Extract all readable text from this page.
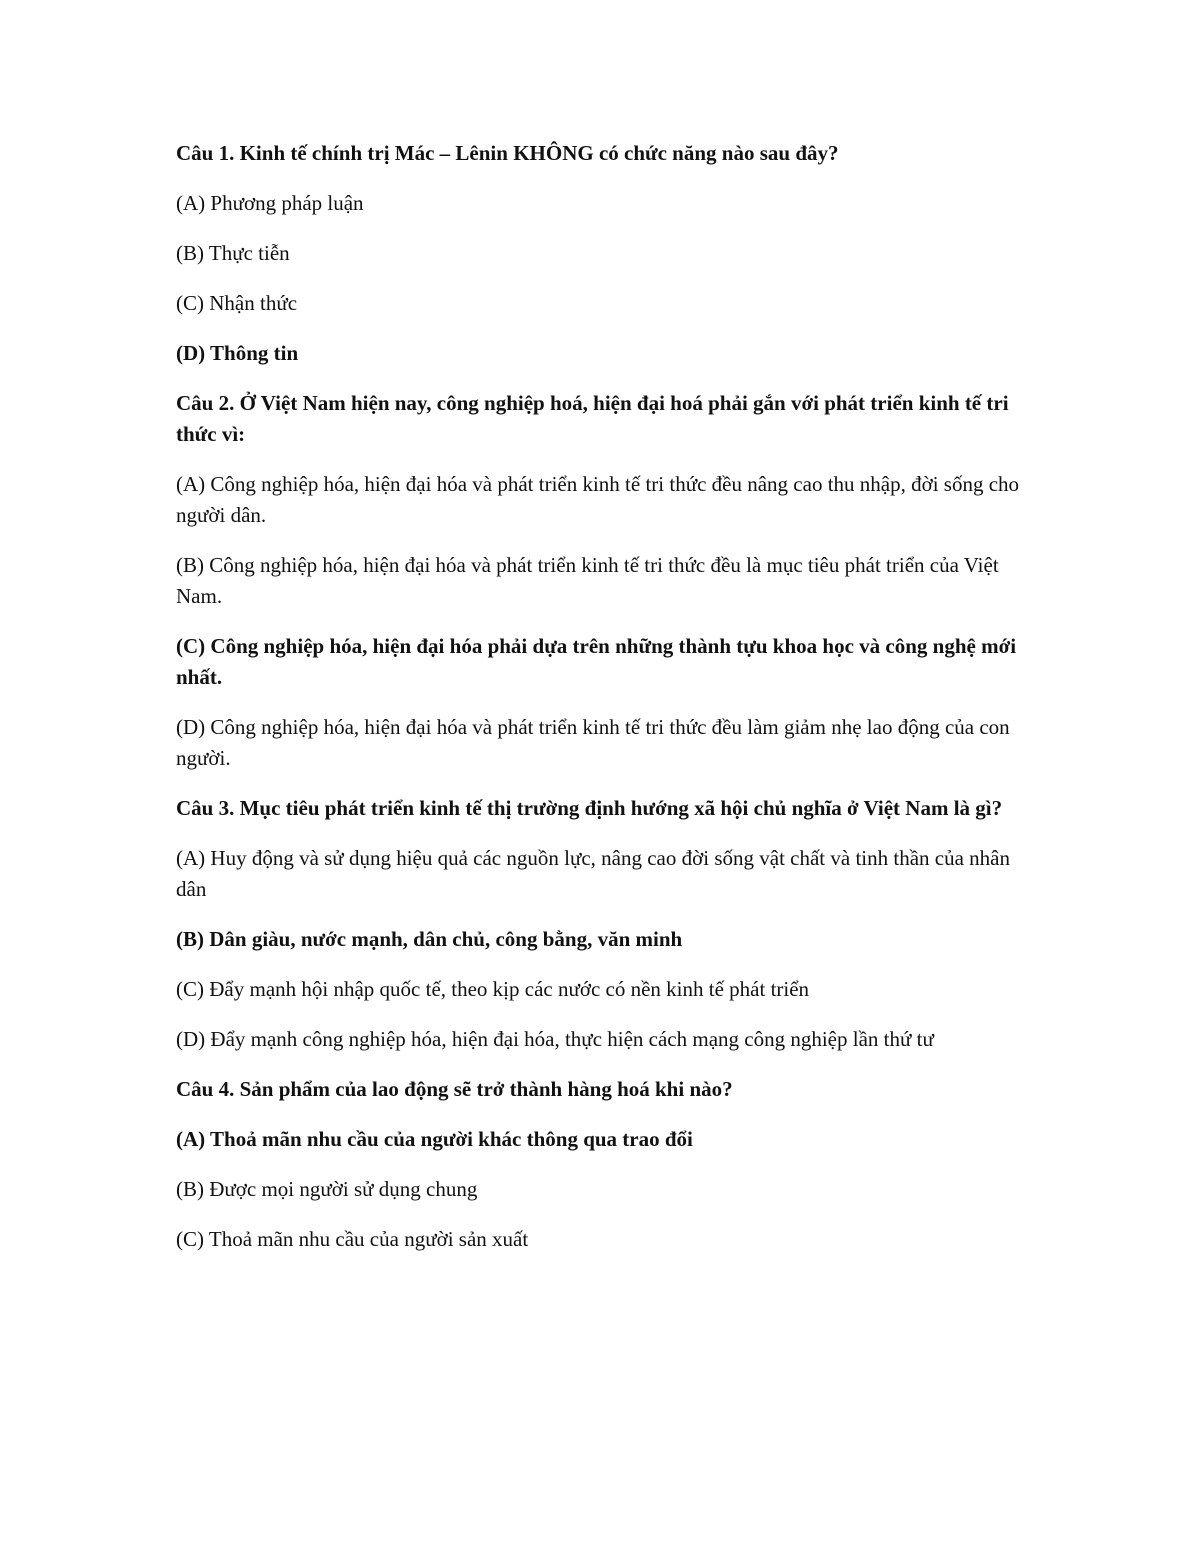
Câu 1. Kinh tế chính trị Mác – Lênin KHÔNG có chức năng nào sau đây?

(A) Phương pháp luận

(B) Thực tiễn

(C) Nhận thức

(D) Thông tin

Câu 2. Ở Việt Nam hiện nay, công nghiệp hoá, hiện đại hoá phải gắn với phát triển kinh tế tri thức vì:

(A) Công nghiệp hóa, hiện đại hóa và phát triển kinh tế tri thức đều nâng cao thu nhập, đời sống cho người dân.

(B) Công nghiệp hóa, hiện đại hóa và phát triển kinh tế tri thức đều là mục tiêu phát triển của Việt Nam.

(C) Công nghiệp hóa, hiện đại hóa phải dựa trên những thành tựu khoa học và công nghệ mới nhất.

(D) Công nghiệp hóa, hiện đại hóa và phát triển kinh tế tri thức đều làm giảm nhẹ lao động của con người.

Câu 3. Mục tiêu phát triển kinh tế thị trường định hướng xã hội chủ nghĩa ở Việt Nam là gì?

(A) Huy động và sử dụng hiệu quả các nguồn lực, nâng cao đời sống vật chất và tinh thần của nhân dân

(B) Dân giàu, nước mạnh, dân chủ, công bằng, văn minh

(C) Đẩy mạnh hội nhập quốc tế, theo kịp các nước có nền kinh tế phát triển

(D) Đẩy mạnh công nghiệp hóa, hiện đại hóa, thực hiện cách mạng công nghiệp lần thứ tư

Câu 4. Sản phẩm của lao động sẽ trở thành hàng hoá khi nào?

(A) Thoả mãn nhu cầu của người khác thông qua trao đổi

(B) Được mọi người sử dụng chung

(C) Thoả mãn nhu cầu của người sản xuất
